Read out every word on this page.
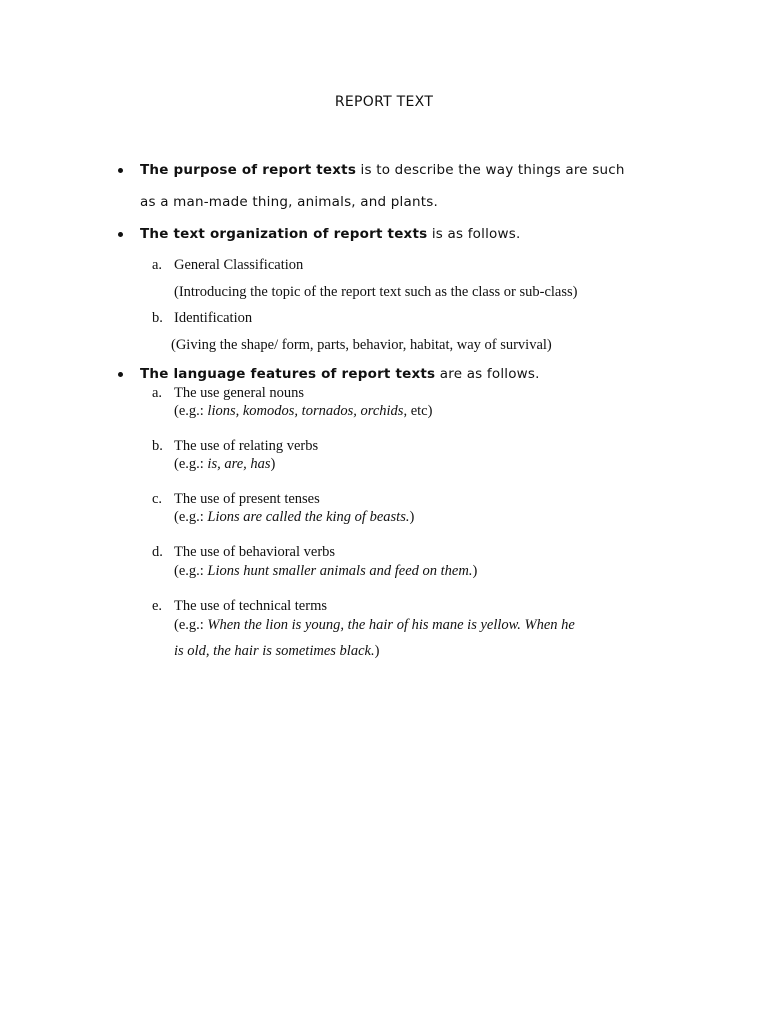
REPORT TEXT
The purpose of report texts is to describe the way things are such
as a man-made thing, animals, and plants.
The text organization of report texts is as follows.
a. General Classification
(Introducing the topic of the report text such as the class or sub-class)
b. Identification
(Giving the shape/ form, parts, behavior, habitat, way of survival)
The language features of report texts are as follows.
a. The use general nouns
(e.g.: lions, komodos, tornados, orchids, etc)
b. The use of relating verbs
(e.g.: is, are, has)
c. The use of present tenses
(e.g.: Lions are called the king of beasts.)
d. The use of behavioral verbs
(e.g.: Lions hunt smaller animals and feed on them.)
e. The use of technical terms
(e.g.: When the lion is young, the hair of his mane is yellow. When he
is old, the hair is sometimes black.)
